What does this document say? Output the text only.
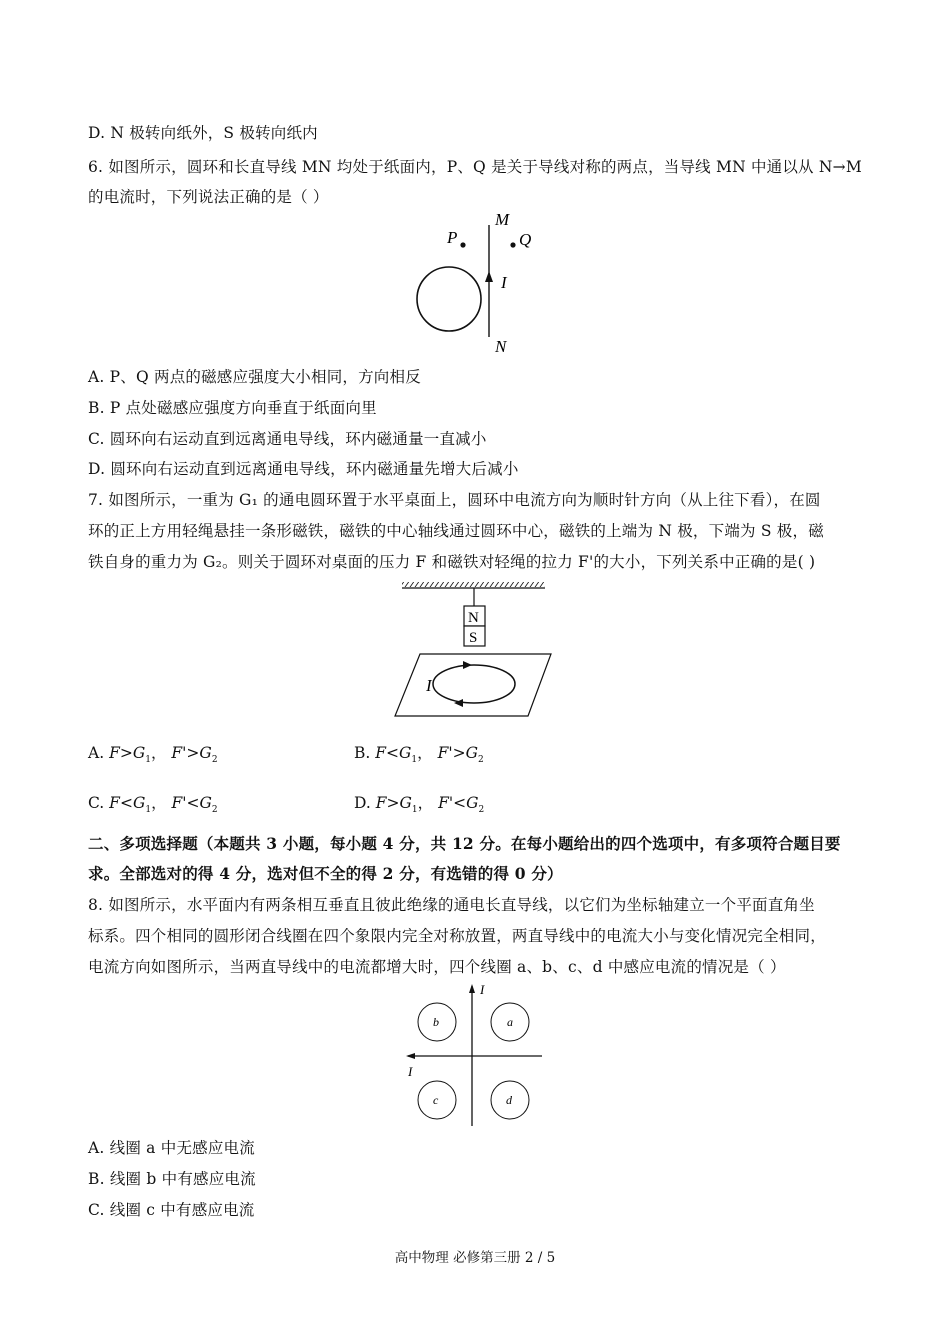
D. N 极转向纸外，S 极转向纸内
6. 如图所示，圆环和长直导线 MN 均处于纸面内，P、Q 是关于导线对称的两点，当导线 MN 中通以从 N→M
的电流时，下列说法正确的是（ ）
M
N
P	Q
I
A. P、Q 两点的磁感应强度大小相同，方向相反
B. P 点处磁感应强度方向垂直于纸面向里
C. 圆环向右运动直到远离通电导线，环内磁通量一直减小
D. 圆环向右运动直到远离通电导线，环内磁通量先增大后减小
7. 如图所示，一重为 G₁ 的通电圆环置于水平桌面上，圆环中电流方向为顺时针方向（从上往下看），在圆
环的正上方用轻绳悬挂一条形磁铁，磁铁的中心轴线通过圆环中心，磁铁的上端为 N 极，下端为 S 极，磁
铁自身的重力为 G₂。则关于圆环对桌面的压力 F 和磁铁对轻绳的拉力 F'的大小，下列关系中正确的是( )
N
S
I
A. $F>G_1$， $F'>G_2$	B. $F<G_1$， $F'>G_2$
C. $F<G_1$， $F'<G_2$	D. $F>G_1$， $F'<G_2$
二、多项选择题（本题共 3 小题，每小题 4 分，共 12 分。在每小题给出的四个选项中，有多项符合题目要
求。全部选对的得 4 分，选对但不全的得 2 分，有选错的得 0 分）
8. 如图所示，水平面内有两条相互垂直且彼此绝缘的通电长直导线，以它们为坐标轴建立一个平面直角坐
标系。四个相同的圆形闭合线圈在四个象限内完全对称放置，两直导线中的电流大小与变化情况完全相同，
电流方向如图所示，当两直导线中的电流都增大时，四个线圈 a、b、c、d 中感应电流的情况是（ ）
I
I
b	a
c	d
A. 线圈 a 中无感应电流
B. 线圈 b 中有感应电流
C. 线圈 c 中有感应电流
高中物理 必修第三册 2 / 5
